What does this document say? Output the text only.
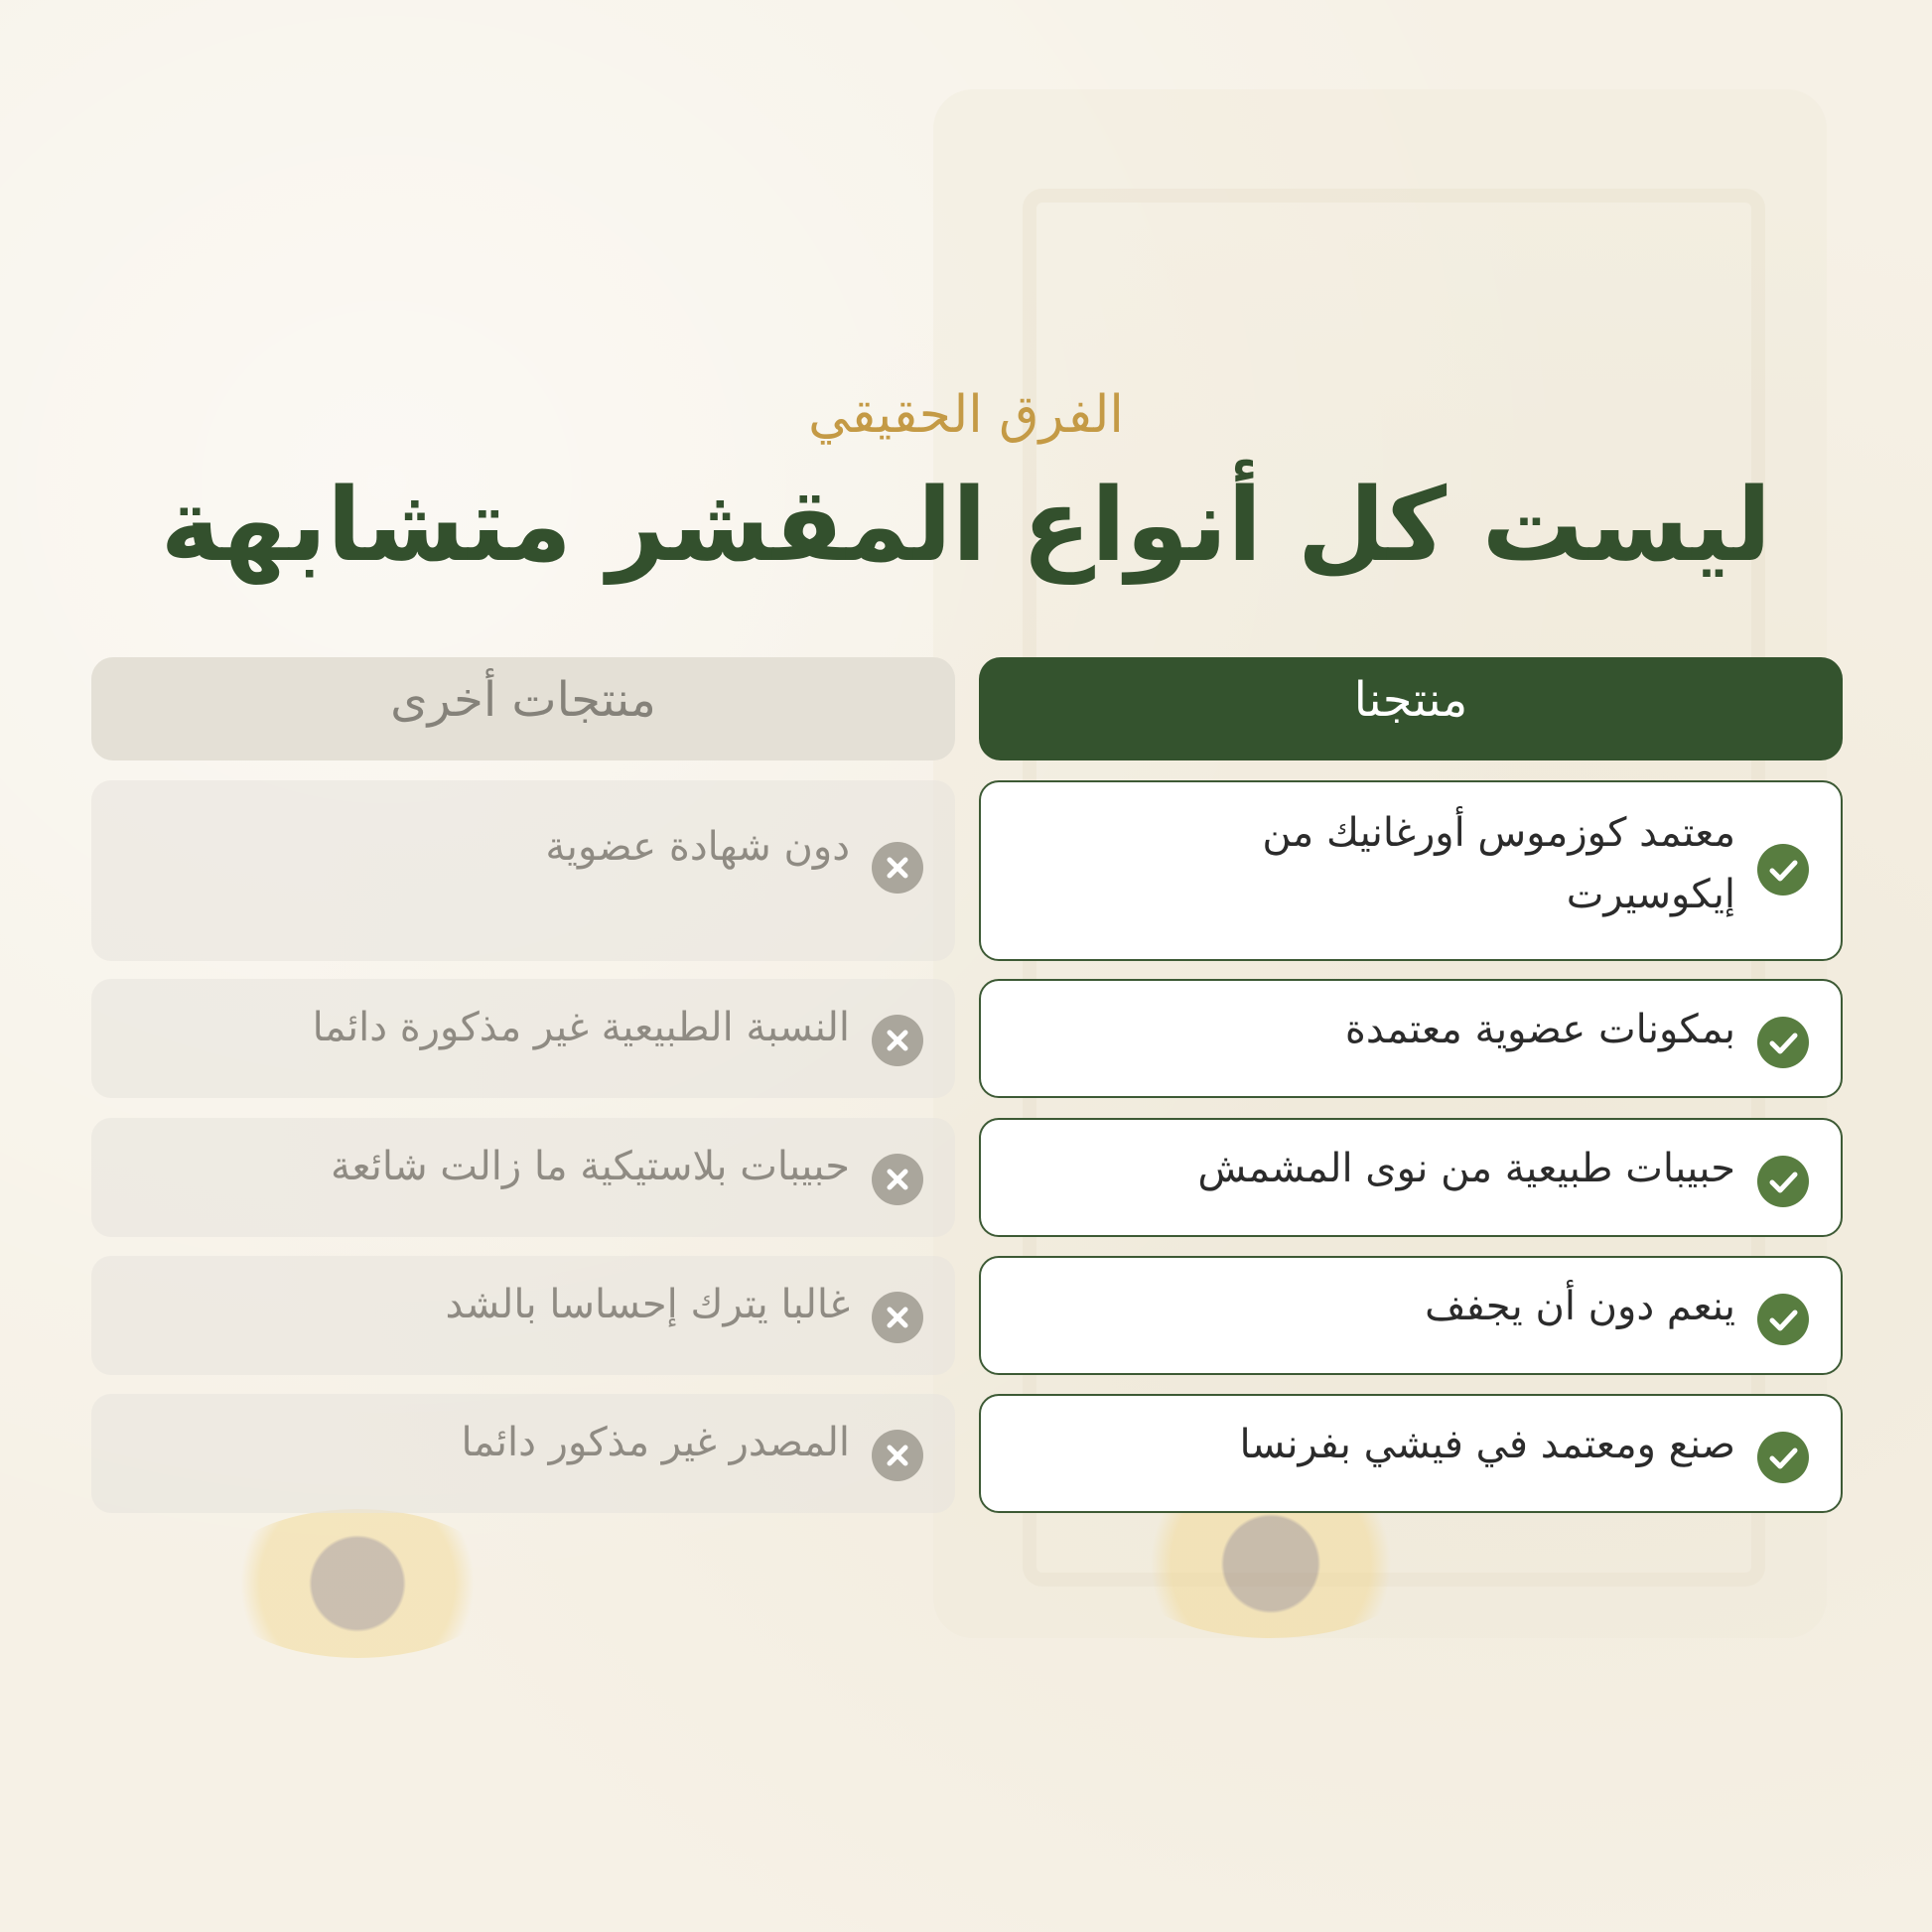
الفرق الحقيقي
ليست كل أنواع المقشر متشابهة
منتجنا
معتمد كوزموس أورغانيك من إيكوسيرت
بمكونات عضوية معتمدة
حبيبات طبيعية من نوى المشمش
ينعم دون أن يجفف
صنع ومعتمد في فيشي بفرنسا
منتجات أخرى
دون شهادة عضوية
النسبة الطبيعية غير مذكورة دائما
حبيبات بلاستيكية ما زالت شائعة
غالبا يترك إحساسا بالشد
المصدر غير مذكور دائما
